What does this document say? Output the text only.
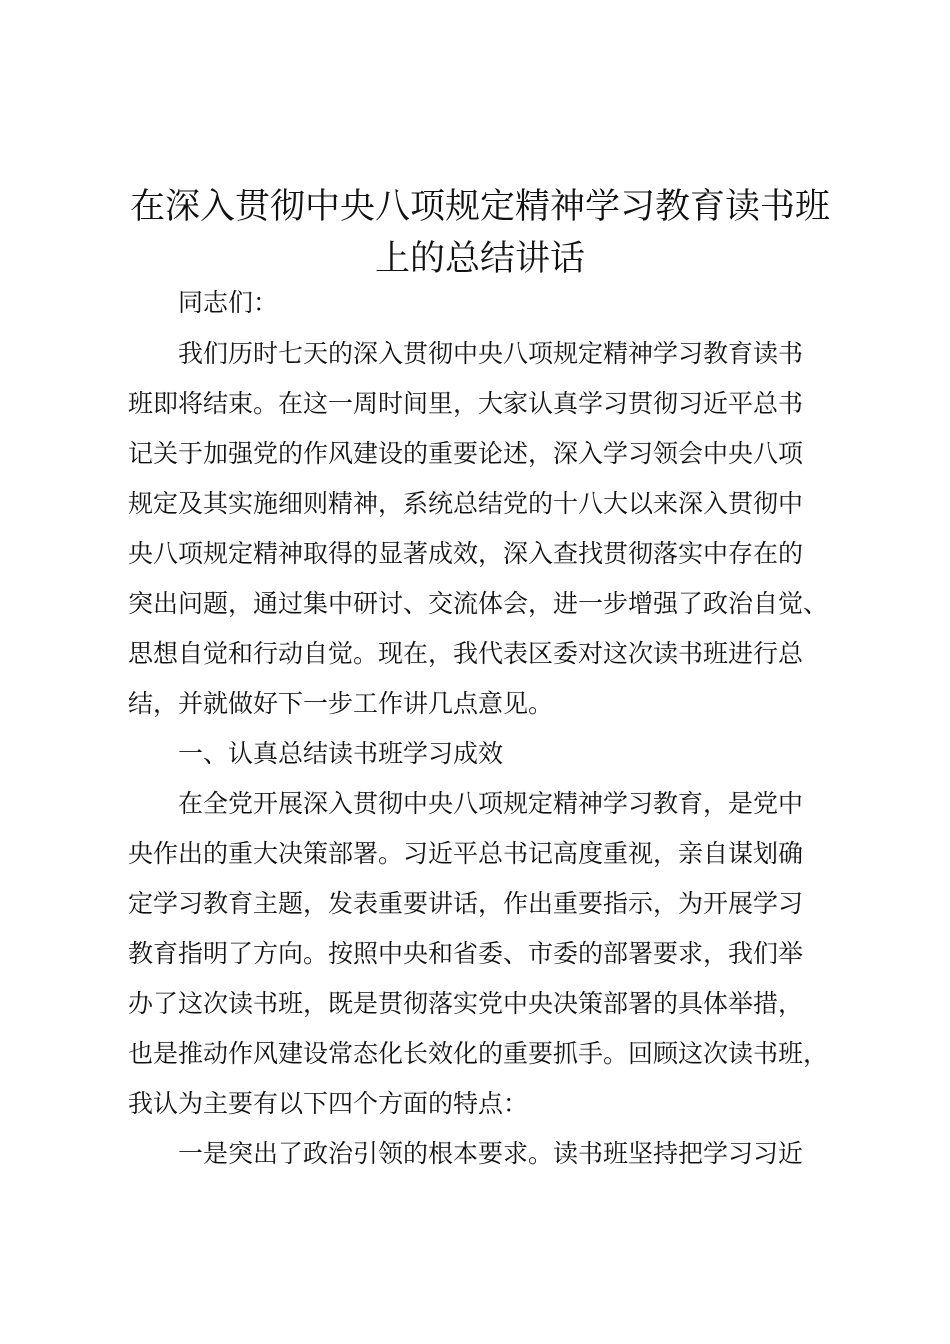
在深入贯彻中央八项规定精神学习教育读书班
上的总结讲话

同志们：

我们历时七天的深入贯彻中央八项规定精神学习教育读书

班即将结束。在这一周时间里，大家认真学习贯彻习近平总书

记关于加强党的作风建设的重要论述，深入学习领会中央八项

规定及其实施细则精神，系统总结党的十八大以来深入贯彻中

央八项规定精神取得的显著成效，深入查找贯彻落实中存在的

突出问题，通过集中研讨、交流体会，进一步增强了政治自觉、

思想自觉和行动自觉。现在，我代表区委对这次读书班进行总

结，并就做好下一步工作讲几点意见。

一、认真总结读书班学习成效

在全党开展深入贯彻中央八项规定精神学习教育，是党中

央作出的重大决策部署。习近平总书记高度重视，亲自谋划确

定学习教育主题，发表重要讲话，作出重要指示，为开展学习

教育指明了方向。按照中央和省委、市委的部署要求，我们举

办了这次读书班，既是贯彻落实党中央决策部署的具体举措，

也是推动作风建设常态化长效化的重要抓手。回顾这次读书班，

我认为主要有以下四个方面的特点：

一是突出了政治引领的根本要求。读书班坚持把学习习近
